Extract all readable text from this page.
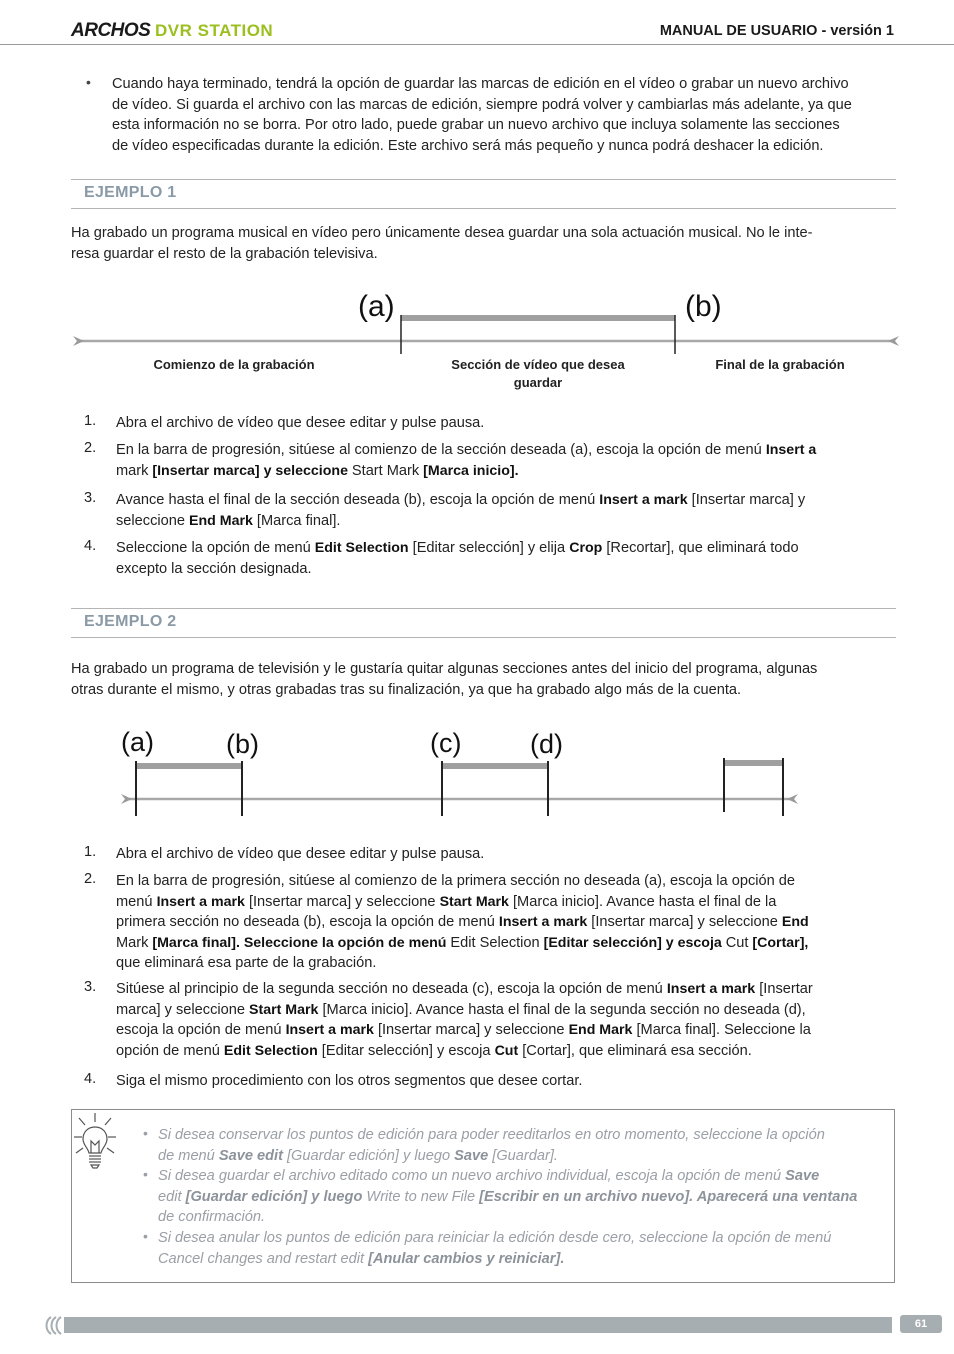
ARCHOS DVR STATION	MANUAL DE USUARIO - versión 1
• Cuando haya terminado, tendrá la opción de guardar las marcas de edición en el vídeo o grabar un nuevo archivo
de vídeo. Si guarda el archivo con las marcas de edición, siempre podrá volver y cambiarlas más adelante, ya que
esta información no se borra. Por otro lado, puede grabar un nuevo archivo que incluya solamente las secciones
de vídeo especificadas durante la edición. Este archivo será más pequeño y nunca podrá deshacer la edición.
EJEMPLO 1
Ha grabado un programa musical en vídeo pero únicamente desea guardar una sola actuación musical. No le inte-
resa guardar el resto de la grabación televisiva.
(a)	(b)
Comienzo de la grabación	Sección de vídeo que desea
guardar
Final de la grabación
1. Abra el archivo de vídeo que desee editar y pulse pausa.
2. En la barra de progresión, sitúese al comienzo de la sección deseada (a), escoja la opción de menú Insert a
mark [Insertar marca] y seleccione Start Mark [Marca inicio].
3. Avance hasta el final de la sección deseada (b), escoja la opción de menú Insert a mark [Insertar marca] y
seleccione End Mark [Marca final].
4. Seleccione la opción de menú Edit Selection [Editar selección] y elija Crop [Recortar], que eliminará todo
excepto la sección designada.
EJEMPLO 2
Ha grabado un programa de televisión y le gustaría quitar algunas secciones antes del inicio del programa, algunas
otras durante el mismo, y otras grabadas tras su finalización, ya que ha grabado algo más de la cuenta.
(a)	(b)	(c)	(d)
1. Abra el archivo de vídeo que desee editar y pulse pausa.
2. En la barra de progresión, sitúese al comienzo de la primera sección no deseada (a), escoja la opción de
menú Insert a mark [Insertar marca] y seleccione Start Mark [Marca inicio]. Avance hasta el final de la
primera sección no deseada (b), escoja la opción de menú Insert a mark [Insertar marca] y seleccione End
Mark [Marca final]. Seleccione la opción de menú Edit Selection [Editar selección] y escoja Cut [Cortar],
que eliminará esa parte de la grabación.
3. Sitúese al principio de la segunda sección no deseada (c), escoja la opción de menú Insert a mark [Insertar
marca] y seleccione Start Mark [Marca inicio]. Avance hasta el final de la segunda sección no deseada (d),
escoja la opción de menú Insert a mark [Insertar marca] y seleccione End Mark [Marca final]. Seleccione la
opción de menú Edit Selection [Editar selección] y escoja Cut [Cortar], que eliminará esa sección.
4. Siga el mismo procedimiento con los otros segmentos que desee cortar.
• Si desea conservar los puntos de edición para poder reeditarlos en otro momento, seleccione la opción
de menú Save edit [Guardar edición] y luego Save [Guardar].
• Si desea guardar el archivo editado como un nuevo archivo individual, escoja la opción de menú Save
edit [Guardar edición] y luego Write to new File [Escribir en un archivo nuevo]. Aparecerá una ventana
de confirmación.
• Si desea anular los puntos de edición para reiniciar la edición desde cero, seleccione la opción de menú
Cancel changes and restart edit [Anular cambios y reiniciar].
61
